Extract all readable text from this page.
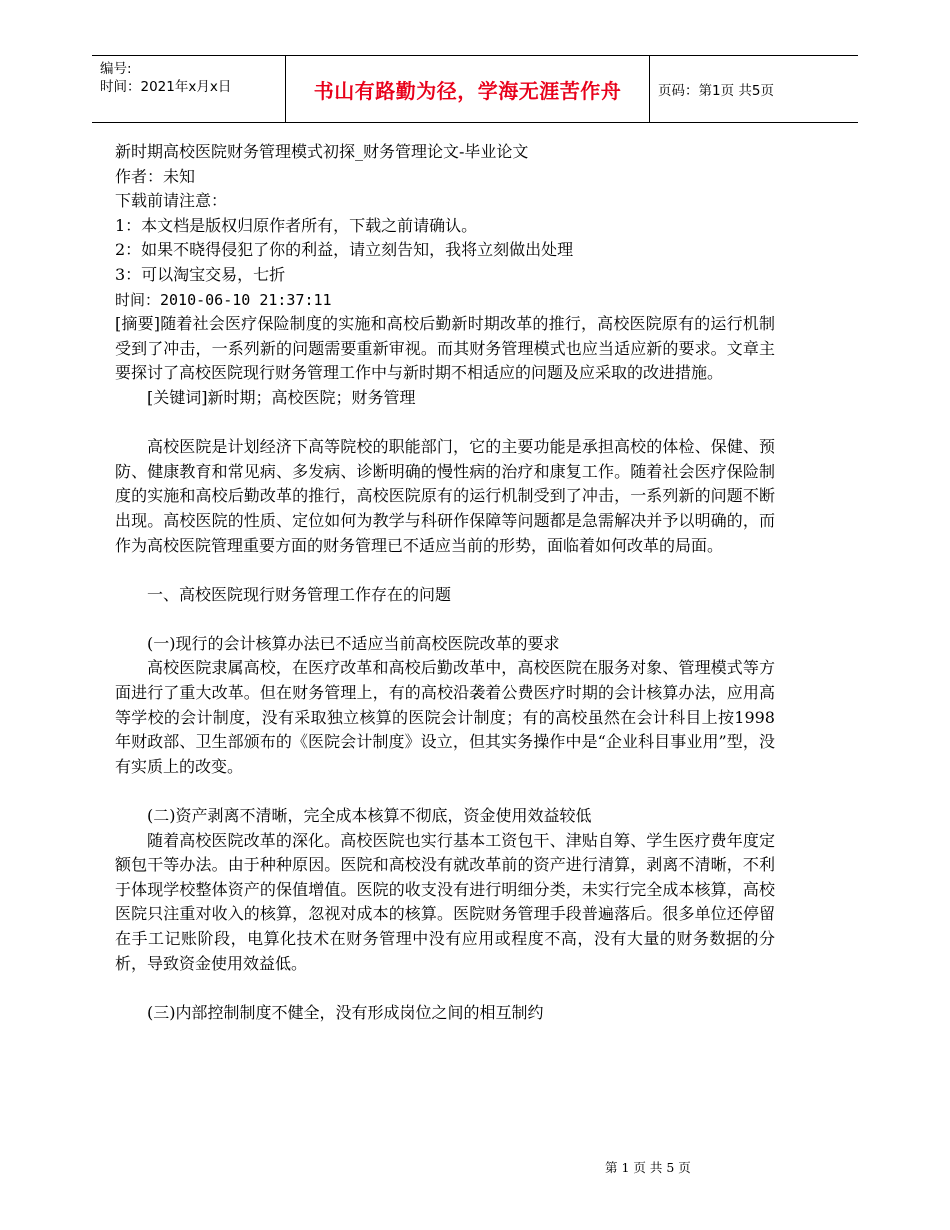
编号:
时间：2021年x月x日	书山有路勤为径，学海无涯苦作舟	页码：第1页 共5页

新时期高校医院财务管理模式初探_财务管理论文-毕业论文

作者：未知

下载前请注意：

1：本文档是版权归原作者所有，下载之前请确认。

2：如果不晓得侵犯了你的利益，请立刻告知，我将立刻做出处理

3：可以淘宝交易，七折

时间：2010-06-10 21:37:11

[摘要]随着社会医疗保险制度的实施和高校后勤新时期改革的推行，高校医院原有的运行机制受到了冲击，一系列新的问题需要重新审视。而其财务管理模式也应当适应新的要求。文章主要探讨了高校医院现行财务管理工作中与新时期不相适应的问题及应采取的改进措施。

[关键词]新时期；高校医院；财务管理

高校医院是计划经济下高等院校的职能部门，它的主要功能是承担高校的体检、保健、预防、健康教育和常见病、多发病、诊断明确的慢性病的治疗和康复工作。随着社会医疗保险制度的实施和高校后勤改革的推行，高校医院原有的运行机制受到了冲击，一系列新的问题不断出现。高校医院的性质、定位如何为教学与科研作保障等问题都是急需解决并予以明确的，而作为高校医院管理重要方面的财务管理已不适应当前的形势，面临着如何改革的局面。

一、高校医院现行财务管理工作存在的问题

(一)现行的会计核算办法已不适应当前高校医院改革的要求

高校医院隶属高校，在医疗改革和高校后勤改革中，高校医院在服务对象、管理模式等方面进行了重大改革。但在财务管理上，有的高校沿袭着公费医疗时期的会计核算办法，应用高等学校的会计制度，没有采取独立核算的医院会计制度；有的高校虽然在会计科目上按1998年财政部、卫生部颁布的《医院会计制度》设立，但其实务操作中是“企业科目事业用”型，没有实质上的改变。

(二)资产剥离不清晰，完全成本核算不彻底，资金使用效益较低

随着高校医院改革的深化。高校医院也实行基本工资包干、津贴自筹、学生医疗费年度定额包干等办法。由于种种原因。医院和高校没有就改革前的资产进行清算，剥离不清晰，不利于体现学校整体资产的保值增值。医院的收支没有进行明细分类，未实行完全成本核算，高校医院只注重对收入的核算，忽视对成本的核算。医院财务管理手段普遍落后。很多单位还停留在手工记账阶段，电算化技术在财务管理中没有应用或程度不高，没有大量的财务数据的分析，导致资金使用效益低。

(三)内部控制制度不健全，没有形成岗位之间的相互制约

第 1 页 共 5 页
